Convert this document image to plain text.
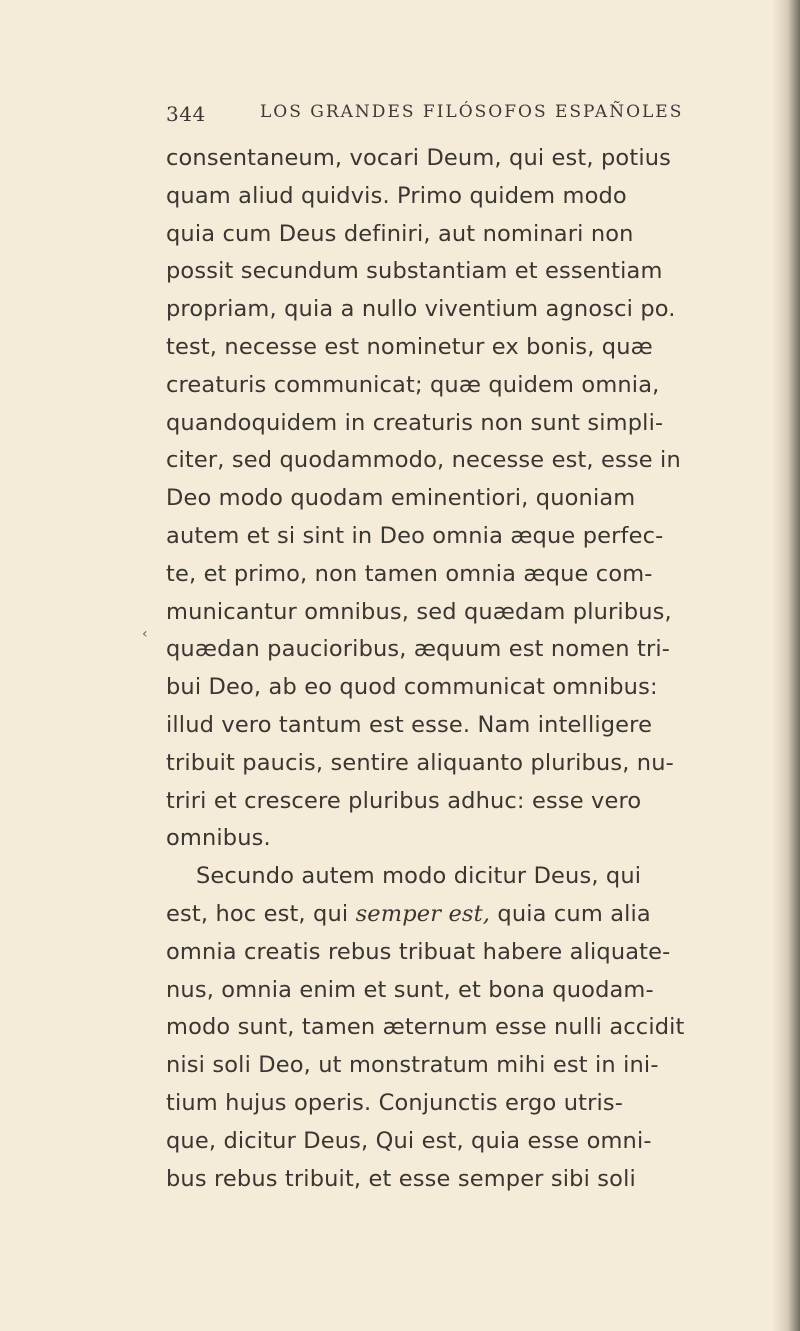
344	LOS GRANDES FILÓSOFOS ESPAÑOLES
‹
consentaneum, vocari Deum, qui est, potius
quam aliud quidvis. Primo quidem modo
quia cum Deus definiri, aut nominari non
possit secundum substantiam et essentiam
propriam, quia a nullo viventium agnosci po.
test, necesse est nominetur ex bonis, quæ
creaturis communicat; quæ quidem omnia,
quandoquidem in creaturis non sunt simpli-
citer, sed quodammodo, necesse est, esse in
Deo modo quodam eminentiori, quoniam
autem et si sint in Deo omnia æque perfec-
te, et primo, non tamen omnia æque com-
municantur omnibus, sed quædam pluribus,
quædan paucioribus, æquum est nomen tri-
bui Deo, ab eo quod communicat omnibus:
illud vero tantum est esse. Nam intelligere
tribuit paucis, sentire aliquanto pluribus, nu-
triri et crescere pluribus adhuc: esse vero
omnibus.
Secundo autem modo dicitur Deus, qui
est, hoc est, qui semper est, quia cum alia
omnia creatis rebus tribuat habere aliquate-
nus, omnia enim et sunt, et bona quodam-
modo sunt, tamen æternum esse nulli accidit
nisi soli Deo, ut monstratum mihi est in ini-
tium hujus operis. Conjunctis ergo utris-
que, dicitur Deus, Qui est, quia esse omni-
bus rebus tribuit, et esse semper sibi soli
